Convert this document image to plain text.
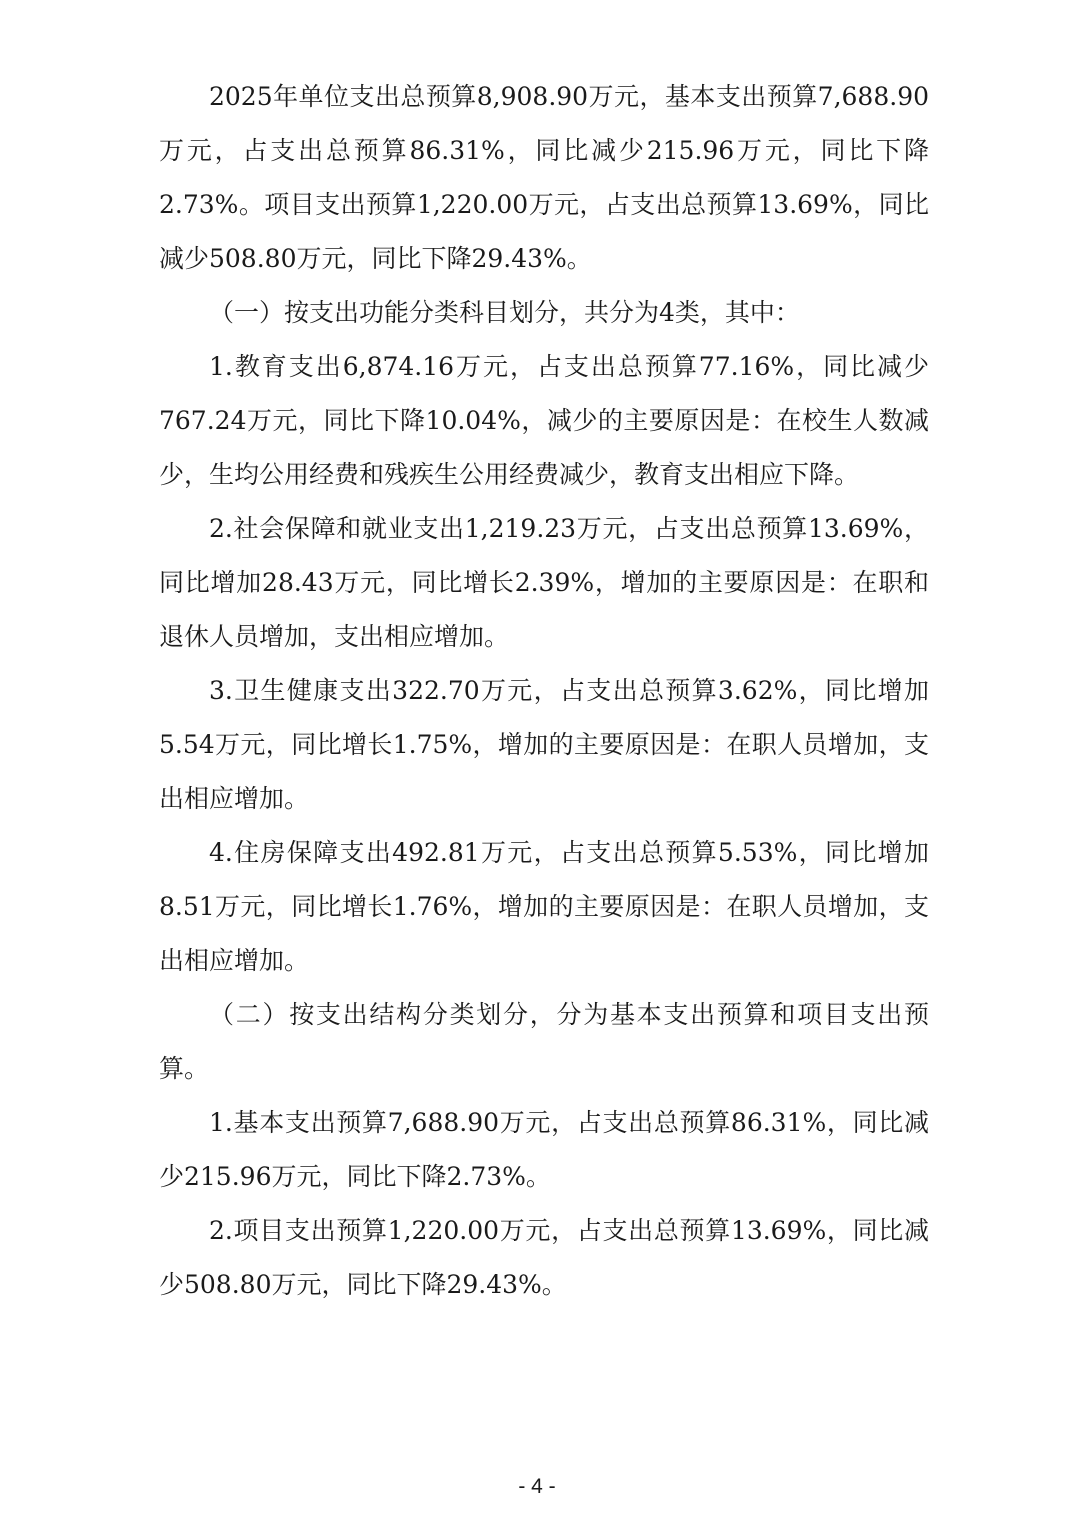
2025年单位支出总预算8,908.90万元，基本支出预算7,688.90万元，占支出总预算86.31%，同比减少215.96万元，同比下降2.73%。项目支出预算1,220.00万元，占支出总预算13.69%，同比减少508.80万元，同比下降29.43%。

（一）按支出功能分类科目划分，共分为4类，其中：

1.教育支出6,874.16万元，占支出总预算77.16%，同比减少767.24万元，同比下降10.04%，减少的主要原因是：在校生人数减少，生均公用经费和残疾生公用经费减少，教育支出相应下降。

2.社会保障和就业支出1,219.23万元，占支出总预算13.69%，同比增加28.43万元，同比增长2.39%，增加的主要原因是：在职和退休人员增加，支出相应增加。

3.卫生健康支出322.70万元，占支出总预算3.62%，同比增加5.54万元，同比增长1.75%，增加的主要原因是：在职人员增加，支出相应增加。

4.住房保障支出492.81万元，占支出总预算5.53%，同比增加8.51万元，同比增长1.76%，增加的主要原因是：在职人员增加，支出相应增加。

（二）按支出结构分类划分，分为基本支出预算和项目支出预算。

1.基本支出预算7,688.90万元，占支出总预算86.31%，同比减少215.96万元，同比下降2.73%。

2.项目支出预算1,220.00万元，占支出总预算13.69%，同比减少508.80万元，同比下降29.43%。

- 4 -
